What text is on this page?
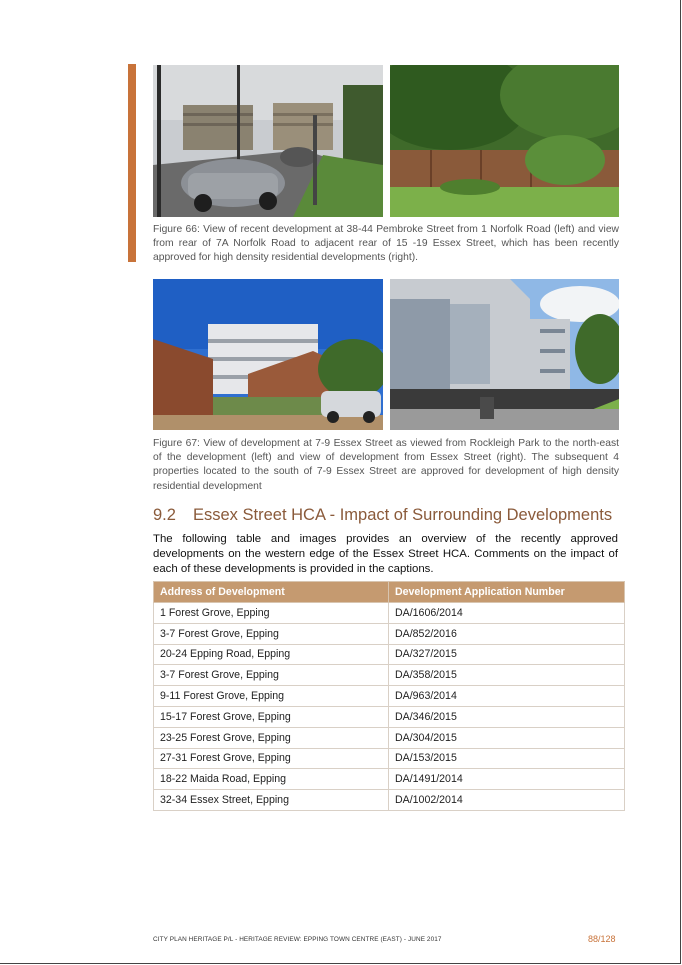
Figure 66: View of recent development at 38-44 Pembroke Street from 1 Norfolk Road (left) and view from rear of 7A Norfolk Road to adjacent rear of 15 -19 Essex Street, which has been recently approved for high density residential developments (right).

Figure 67: View of development at 7-9 Essex Street as viewed from Rockleigh Park to the north-east of the development (left) and view of development from Essex Street (right). The subsequent 4 properties located to the south of 7-9 Essex Street are approved for development of high density residential development

9.2 Essex Street HCA - Impact of Surrounding Developments

The following table and images provides an overview of the recently approved developments on the western edge of the Essex Street HCA. Comments on the impact of each of these developments is provided in the captions.

Address of Development	Development Application Number
1 Forest Grove, Epping	DA/1606/2014
3-7 Forest Grove, Epping	DA/852/2016
20-24 Epping Road, Epping	DA/327/2015
3-7 Forest Grove, Epping	DA/358/2015
9-11 Forest Grove, Epping	DA/963/2014
15-17 Forest Grove, Epping	DA/346/2015
23-25 Forest Grove, Epping	DA/304/2015
27-31 Forest Grove, Epping	DA/153/2015
18-22 Maida Road, Epping	DA/1491/2014
32-34 Essex Street, Epping	DA/1002/2014
CITY PLAN HERITAGE P/L - HERITAGE REVIEW: EPPING TOWN CENTRE (EAST) - JUNE 2017	88/128
